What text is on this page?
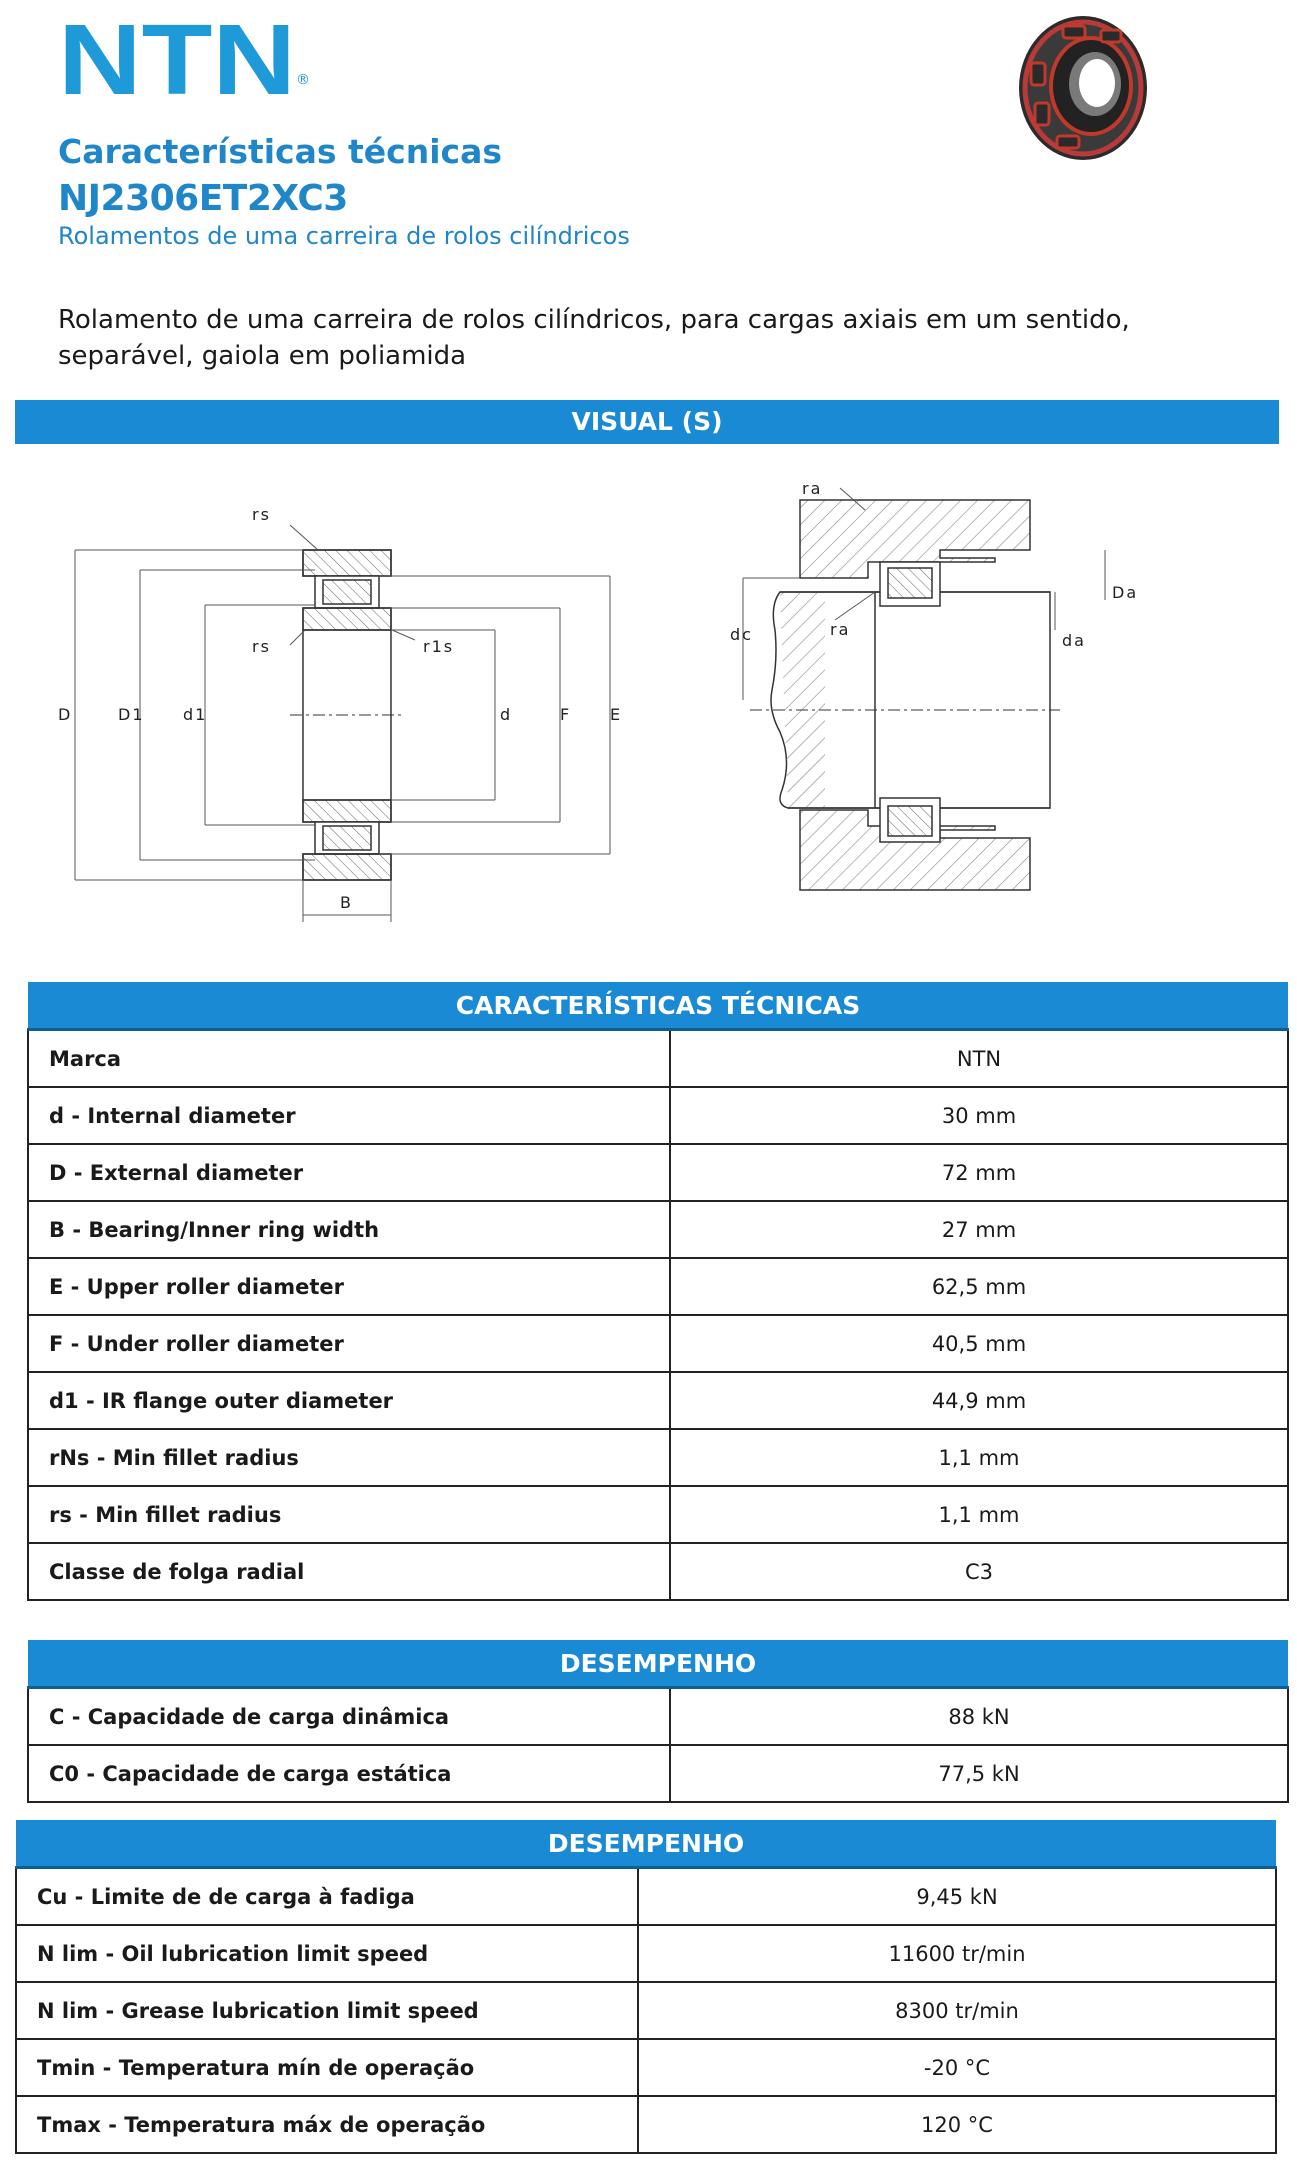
NTN ®
Características técnicas
NJ2306ET2XC3

Rolamentos de uma carreira de rolos cilíndricos

Rolamento de uma carreira de rolos cilíndricos, para cargas axiais em um sentido, separável, gaiola em poliamida

VISUAL (S)
rs
rs	r1s
D	D1 d1	d	F E
B
ra
ra
dc
Da
da
CARACTERÍSTICAS TÉCNICAS	
Marca	NTN
d - Internal diameter	30 mm
D - External diameter	72 mm
B - Bearing/Inner ring width	27 mm
E - Upper roller diameter	62,5 mm
F - Under roller diameter	40,5 mm
d1 - IR flange outer diameter	44,9 mm
rNs - Min fillet radius	1,1 mm
rs - Min fillet radius	1,1 mm
Classe de folga radial	C3
DESEMPENHO	
C - Capacidade de carga dinâmica	88 kN
C0 - Capacidade de carga estática	77,5 kN
DESEMPENHO	
Cu - Limite de de carga à fadiga	9,45 kN
N lim - Oil lubrication limit speed	11600 tr/min
N lim - Grease lubrication limit speed	8300 tr/min
Tmin - Temperatura mín de operação	-20 °C
Tmax - Temperatura máx de operação	120 °C
